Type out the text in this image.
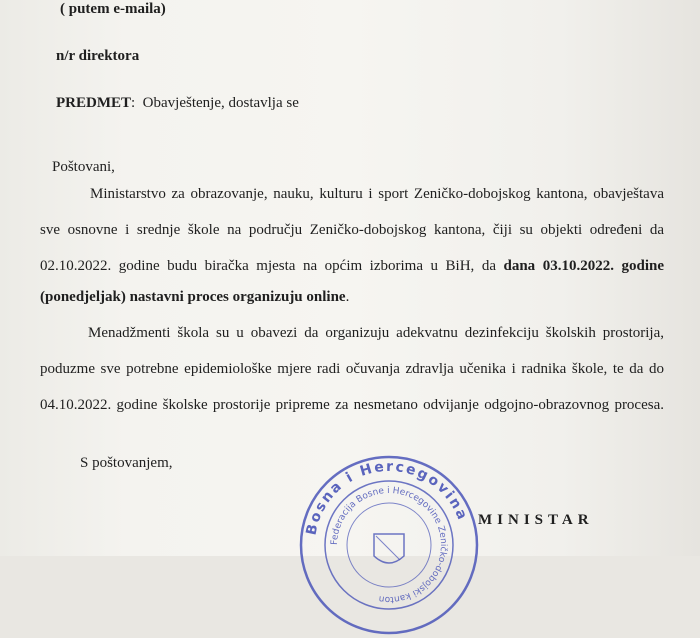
( putem e-maila)
n/r direktora
PREDMET: Obavještenje, dostavlja se
Poštovani,
Ministarstvo za obrazovanje, nauku, kulturu i sport Zeničko-dobojskog kantona, obavještava
sve osnovne i srednje škole na području Zeničko-dobojskog kantona, čiji su objekti određeni da
02.10.2022. godine budu biračka mjesta na općim izborima u BiH, da dana 03.10.2022. godine
(ponedjeljak) nastavni proces organizuju online.
Menadžmenti škola su u obavezi da organizuju adekvatnu dezinfekciju školskih prostorija,
poduzme sve potrebne epidemiološke mjere radi očuvanja zdravlja učenika i radnika škole, te da do
04.10.2022. godine školske prostorije pripreme za nesmetano odvijanje odgojno-obrazovnog procesa.
S poštovanjem,
Bosna i Hercegovina
Federacija Bosne i Hercegovine Zeničko-dobojski kanton
MINISTAR
